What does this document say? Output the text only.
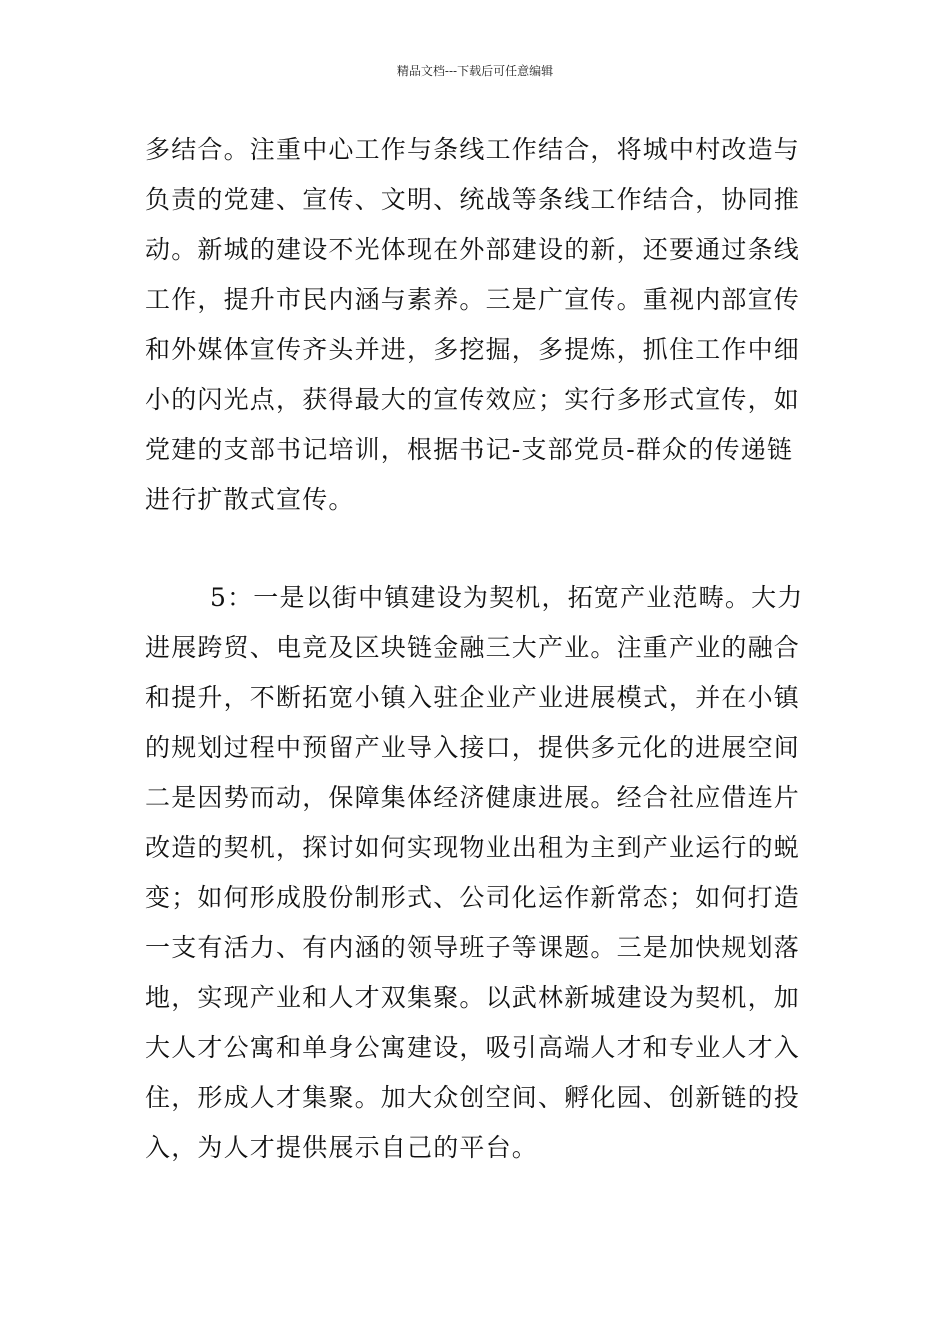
精品文档---下载后可任意编辑
多结合。注重中心工作与条线工作结合，将城中村改造与
负责的党建、宣传、文明、统战等条线工作结合，协同推
动。新城的建设不光体现在外部建设的新，还要通过条线
工作，提升市民内涵与素养。三是广宣传。重视内部宣传
和外媒体宣传齐头并进，多挖掘，多提炼，抓住工作中细
小的闪光点，获得最大的宣传效应；实行多形式宣传，如
党建的支部书记培训，根据书记-支部党员-群众的传递链
进行扩散式宣传。
5：一是以街中镇建设为契机，拓宽产业范畴。大力
进展跨贸、电竞及区块链金融三大产业。注重产业的融合
和提升，不断拓宽小镇入驻企业产业进展模式，并在小镇
的规划过程中预留产业导入接口，提供多元化的进展空间
二是因势而动，保障集体经济健康进展。经合社应借连片
改造的契机，探讨如何实现物业出租为主到产业运行的蜕
变；如何形成股份制形式、公司化运作新常态；如何打造
一支有活力、有内涵的领导班子等课题。三是加快规划落
地，实现产业和人才双集聚。以武林新城建设为契机，加
大人才公寓和单身公寓建设，吸引高端人才和专业人才入
住，形成人才集聚。加大众创空间、孵化园、创新链的投
入，为人才提供展示自己的平台。
